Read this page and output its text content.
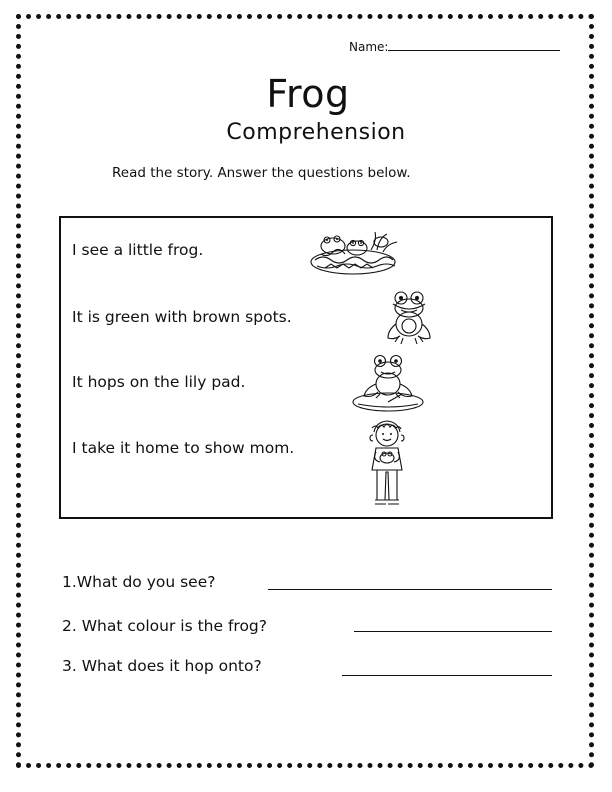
Name:
Frog
Comprehension
Read the story. Answer the questions below.
I see a little frog.
It is green with brown spots.
It hops on the lily pad.
I take it home to show mom.
1.What do you see?
2. What colour is the frog?
3. What does it hop onto?
